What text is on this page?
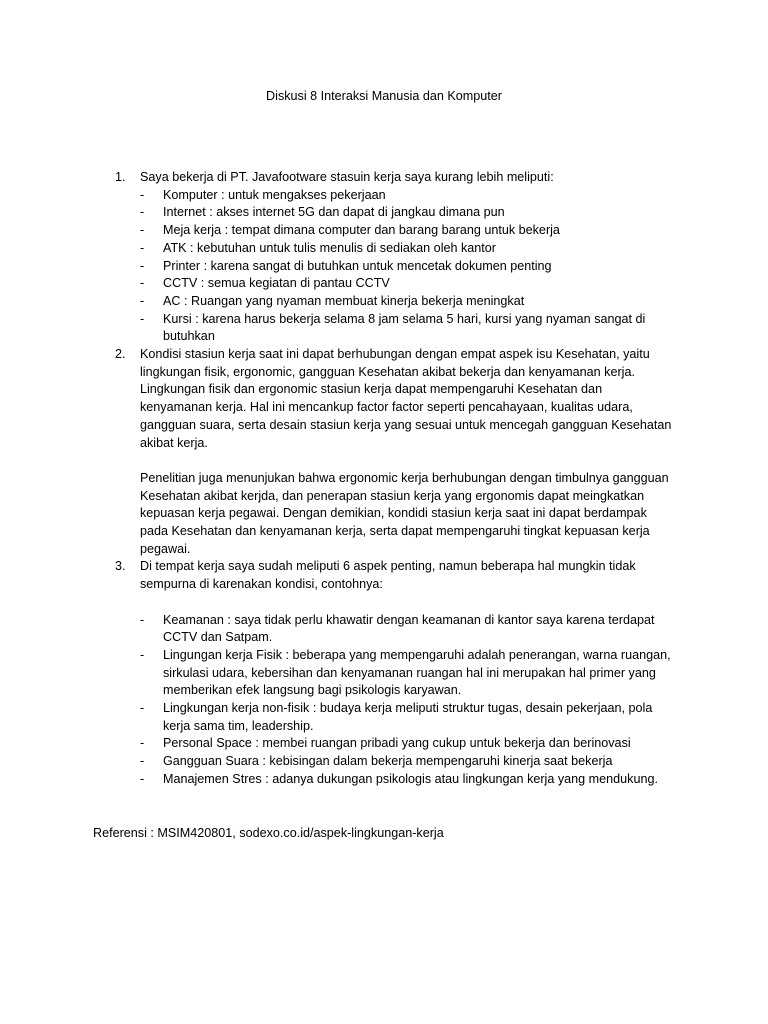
Diskusi 8 Interaksi Manusia dan Komputer
1. Saya bekerja di PT. Javafootware stasuin kerja saya kurang lebih meliputi:
- Komputer : untuk mengakses pekerjaan
- Internet : akses internet 5G dan dapat di jangkau dimana pun
- Meja kerja : tempat dimana computer dan barang barang untuk bekerja
- ATK : kebutuhan untuk tulis menulis di sediakan oleh kantor
- Printer : karena sangat di butuhkan untuk mencetak dokumen penting
- CCTV : semua kegiatan di pantau CCTV
- AC : Ruangan yang nyaman membuat kinerja bekerja meningkat
- Kursi : karena harus bekerja selama 8 jam selama 5 hari, kursi yang nyaman sangat di butuhkan
2. Kondisi stasiun kerja saat ini dapat berhubungan dengan empat aspek isu Kesehatan, yaitu lingkungan fisik, ergonomic, gangguan Kesehatan akibat bekerja dan kenyamanan kerja. Lingkungan fisik dan ergonomic stasiun kerja dapat mempengaruhi Kesehatan dan kenyamanan kerja. Hal ini mencankup factor factor seperti pencahayaan, kualitas udara, gangguan suara, serta desain stasiun kerja yang sesuai untuk mencegah gangguan Kesehatan akibat kerja.
Penelitian juga menunjukan bahwa ergonomic kerja berhubungan dengan timbulnya gangguan Kesehatan akibat kerjda, dan penerapan stasiun kerja yang ergonomis dapat meingkatkan kepuasan kerja pegawai. Dengan demikian, kondidi stasiun kerja saat ini dapat berdampak pada Kesehatan dan kenyamanan kerja, serta dapat mempengaruhi tingkat kepuasan kerja pegawai.
3. Di tempat kerja saya sudah meliputi 6 aspek penting, namun beberapa hal mungkin tidak sempurna di karenakan kondisi, contohnya:
- Keamanan : saya tidak perlu khawatir dengan keamanan di kantor saya karena terdapat CCTV dan Satpam.
- Lingungan kerja Fisik : beberapa yang mempengaruhi adalah penerangan, warna ruangan, sirkulasi udara, kebersihan dan kenyamanan ruangan hal ini merupakan hal primer yang memberikan efek langsung bagi psikologis karyawan.
- Lingkungan kerja non-fisik : budaya kerja meliputi struktur tugas, desain pekerjaan, pola kerja sama tim, leadership.
- Personal Space : membei ruangan pribadi yang cukup untuk bekerja dan berinovasi
- Gangguan Suara : kebisingan dalam bekerja mempengaruhi kinerja saat bekerja
- Manajemen Stres : adanya dukungan psikologis atau lingkungan kerja yang mendukung.
Referensi : MSIM420801, sodexo.co.id/aspek-lingkungan-kerja
